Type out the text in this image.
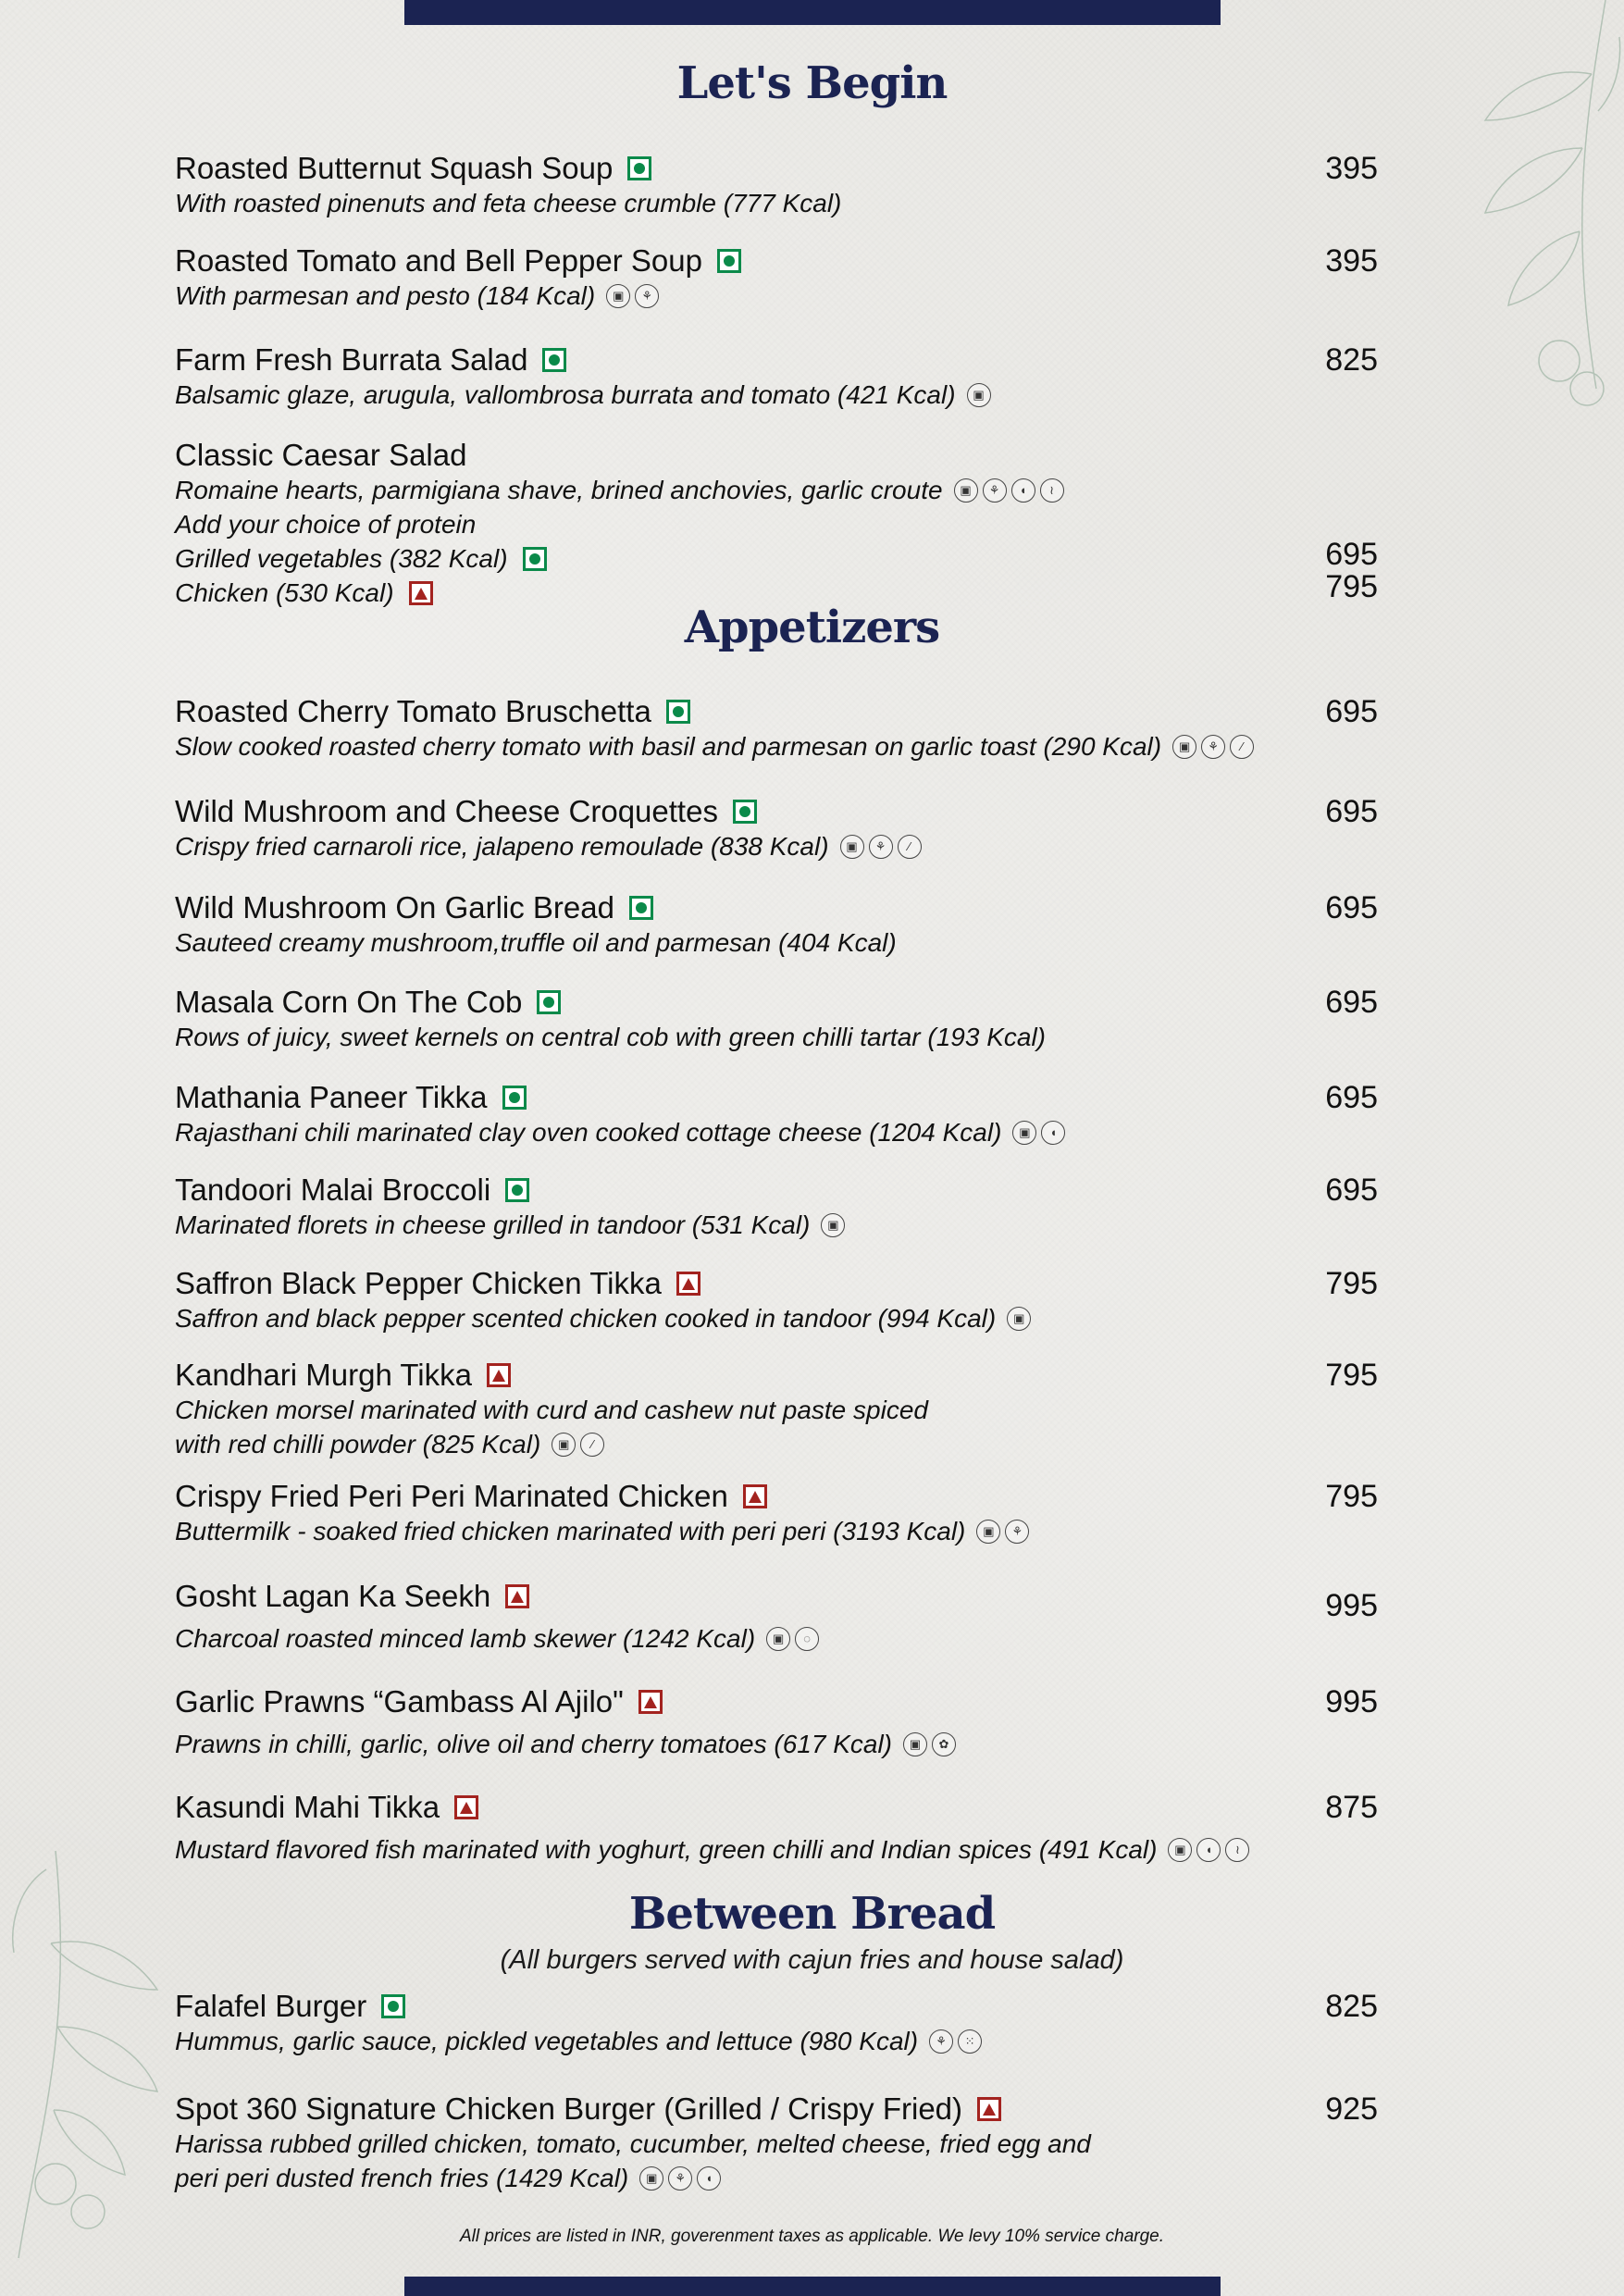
Let's Begin
Roasted Butternut Squash Soup
With roasted pinenuts and feta cheese crumble (777 Kcal)
395
Roasted Tomato and Bell Pepper Soup
With parmesan and pesto (184 Kcal)	▣	⚘
395
Farm Fresh Burrata Salad
Balsamic glaze, arugula, vallombrosa burrata and tomato (421 Kcal)	▣
825
Classic Caesar Salad
Romaine hearts, parmigiana shave, brined anchovies, garlic croute	▣	⚘	◖	≀
Add your choice of protein
Grilled vegetables (382 Kcal)
Chicken (530 Kcal)
695
795
Appetizers
Roasted Cherry Tomato Bruschetta
Slow cooked roasted cherry tomato with basil and parmesan on garlic toast (290 Kcal)	▣	⚘	∕
695
Wild Mushroom and Cheese Croquettes
Crispy fried carnaroli rice, jalapeno remoulade (838 Kcal)	▣	⚘	∕
695
Wild Mushroom On Garlic Bread
Sauteed creamy mushroom,truffle oil and parmesan (404 Kcal)
695
Masala Corn On The Cob
Rows of juicy, sweet kernels on central cob with green chilli tartar (193 Kcal)
695
Mathania Paneer Tikka
Rajasthani chili marinated clay oven cooked cottage cheese (1204 Kcal)	▣	◖
695
Tandoori Malai Broccoli
Marinated florets in cheese grilled in tandoor (531 Kcal)	▣
695
Saffron Black Pepper Chicken Tikka
Saffron and black pepper scented chicken cooked in tandoor (994 Kcal)	▣
795
Kandhari Murgh Tikka
Chicken morsel marinated with curd and cashew nut paste spiced
with red chilli powder (825 Kcal)	▣	∕
795
Crispy Fried Peri Peri Marinated Chicken
Buttermilk - soaked fried chicken marinated with peri peri (3193 Kcal)	▣	⚘
795
Gosht Lagan Ka Seekh
Charcoal roasted minced lamb skewer (1242 Kcal)	▣	◌
995
Garlic Prawns “Gambass Al Ajilo"
Prawns in chilli, garlic, olive oil and cherry tomatoes (617 Kcal)	▣	✿
995
Kasundi Mahi Tikka
Mustard flavored fish marinated with yoghurt, green chilli and Indian spices (491 Kcal)	▣	◖	≀
875
Between Bread
(All burgers served with cajun fries and house salad)
Falafel Burger
Hummus, garlic sauce, pickled vegetables and lettuce (980 Kcal)	⚘	⁙
825
Spot 360 Signature Chicken Burger (Grilled / Crispy Fried)
Harissa rubbed grilled chicken, tomato, cucumber, melted cheese, fried egg and
peri peri dusted french fries (1429 Kcal)	▣	⚘	◖
925
All prices are listed in INR, goverenment taxes as applicable. We levy 10% service charge.
